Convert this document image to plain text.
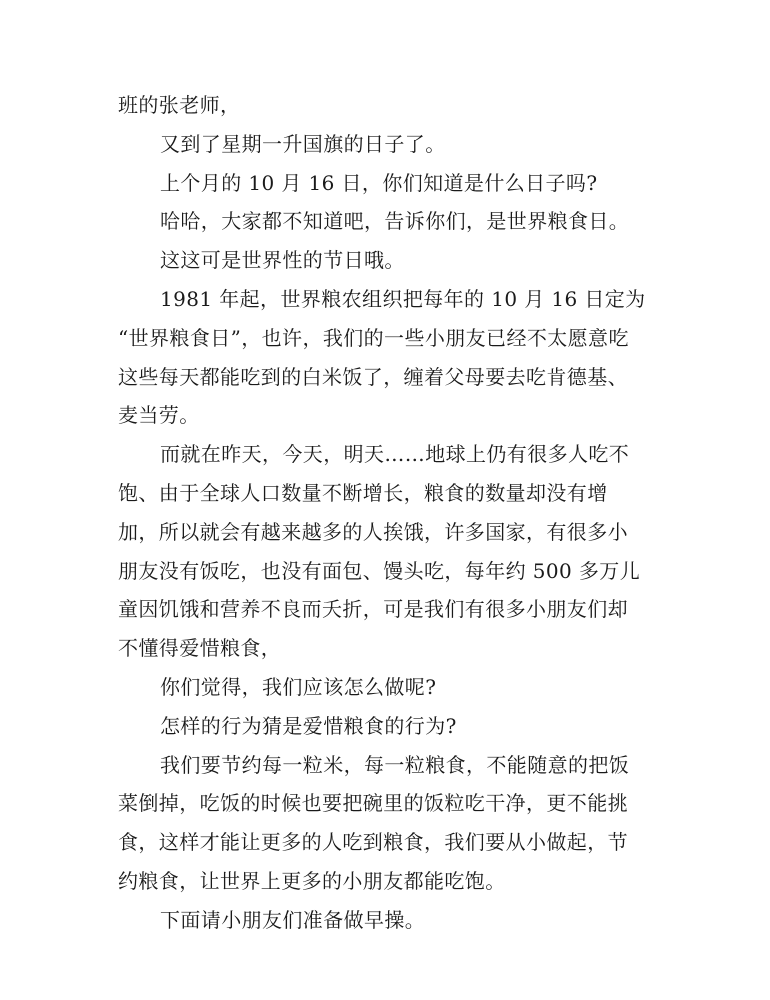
班的张老师，
又到了星期一升国旗的日子了。
上个月的 10 月 16 日，你们知道是什么日子吗?
哈哈，大家都不知道吧，告诉你们，是世界粮食日。
这这可是世界性的节日哦。
1981 年起，世界粮农组织把每年的 10 月 16 日定为
“世界粮食日”，也许，我们的一些小朋友已经不太愿意吃
这些每天都能吃到的白米饭了，缠着父母要去吃肯德基、
麦当劳。
而就在昨天，今天，明天……地球上仍有很多人吃不
饱、由于全球人口数量不断增长，粮食的数量却没有增
加，所以就会有越来越多的人挨饿，许多国家，有很多小
朋友没有饭吃，也没有面包、馒头吃，每年约 500 多万儿
童因饥饿和营养不良而夭折，可是我们有很多小朋友们却
不懂得爱惜粮食，
你们觉得，我们应该怎么做呢?
怎样的行为猜是爱惜粮食的行为?
我们要节约每一粒米，每一粒粮食，不能随意的把饭
菜倒掉，吃饭的时候也要把碗里的饭粒吃干净，更不能挑
食，这样才能让更多的人吃到粮食，我们要从小做起，节
约粮食，让世界上更多的小朋友都能吃饱。
下面请小朋友们准备做早操。
